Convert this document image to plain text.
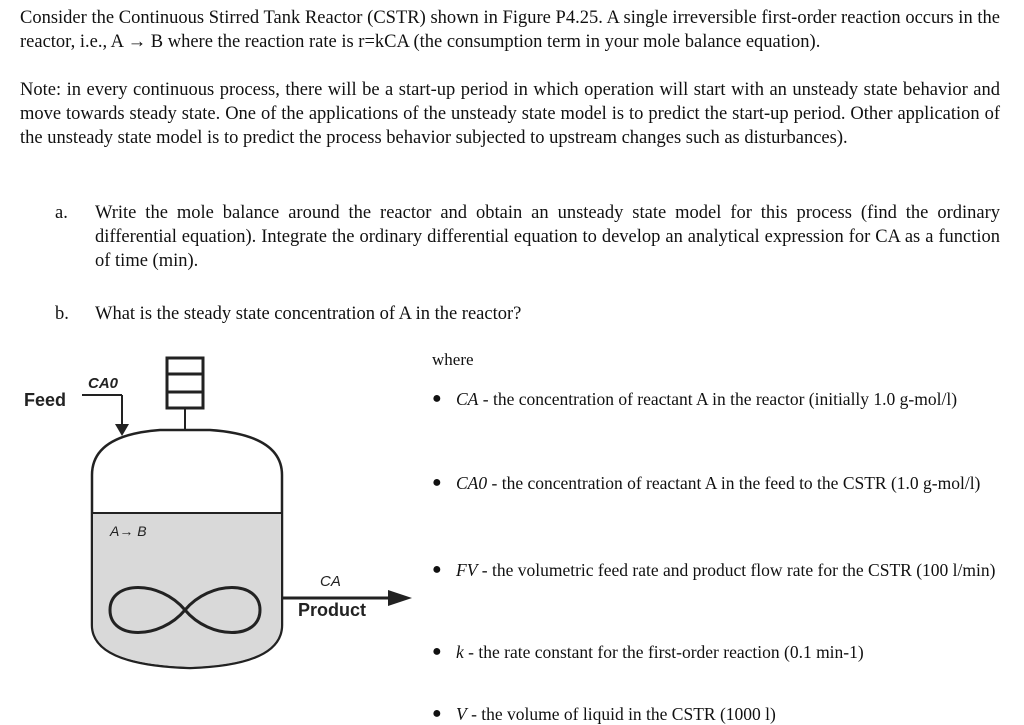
Consider the Continuous Stirred Tank Reactor (CSTR) shown in Figure P4.25. A single irreversible first-order reaction occurs in the reactor, i.e., A → B where the reaction rate is r=kCA (the consumption term in your mole balance equation).
Note: in every continuous process, there will be a start-up period in which operation will start with an unsteady state behavior and move towards steady state. One of the applications of the unsteady state model is to predict the start-up period. Other application of the unsteady state model is to predict the process behavior subjected to upstream changes such as disturbances).
a. Write the mole balance around the reactor and obtain an unsteady state model for this process (find the ordinary differential equation). Integrate the ordinary differential equation to develop an analytical expression for CA as a function of time (min).
b. What is the steady state concentration of A in the reactor?
Feed
CA0
A→ B
CA
Product
where
● CA - the concentration of reactant A in the reactor (initially 1.0 g-mol/l)
● CA0 - the concentration of reactant A in the feed to the CSTR (1.0 g-mol/l)
● FV - the volumetric feed rate and product flow rate for the CSTR (100 l/min)
● k - the rate constant for the first-order reaction (0.1 min-1)
● V - the volume of liquid in the CSTR (1000 l)
